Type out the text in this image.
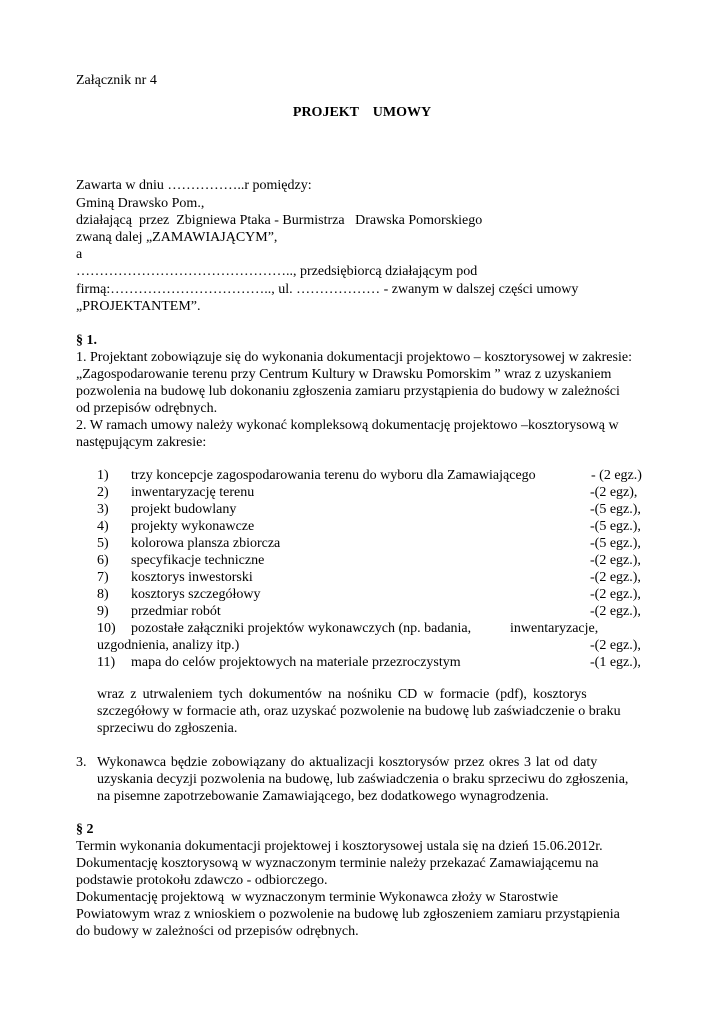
Załącznik nr 4
PROJEKT    UMOWY
Zawarta w dniu ……………..r pomiędzy:
Gminą Drawsko Pom.,
działającą  przez  Zbigniewa Ptaka - Burmistrza   Drawska Pomorskiego
zwaną dalej „ZAMAWIAJĄCYM”,
a
……………………………………….., przedsiębiorcą działającym pod
firmą:…………………………….., ul. ……………… - zwanym w dalszej części umowy
„PROJEKTANTEM”.
§ 1.
1. Projektant zobowiązuje się do wykonania dokumentacji projektowo – kosztorysowej w zakresie:
„Zagospodarowanie terenu przy Centrum Kultury w Drawsku Pomorskim ” wraz z uzyskaniem
pozwolenia na budowę lub dokonaniu zgłoszenia zamiaru przystąpienia do budowy w zależności
od przepisów odrębnych.
2. W ramach umowy należy wykonać kompleksową dokumentację projektowo –kosztorysową w
następującym zakresie:
1) trzy koncepcje zagospodarowania terenu do wyboru dla Zamawiającego	- (2 egz.)
2) inwentaryzację terenu	-(2 egz),
3) projekt budowlany	-(5 egz.),
4) projekty wykonawcze	-(5 egz.),
5) kolorowa plansza zbiorcza	-(5 egz.),
6) specyfikacje techniczne	-(2 egz.),
7) kosztorys inwestorski	-(2 egz.),
8) kosztorys szczegółowy	-(2 egz.),
9) przedmiar robót	-(2 egz.),
10) pozostałe załączniki projektów wykonawczych (np. badania,	inwentaryzacje,
uzgodnienia, analizy itp.)	-(2 egz.),
11) mapa do celów projektowych na materiale przezroczystym	-(1 egz.),
wraz z utrwaleniem tych dokumentów na nośniku CD w formacie (pdf), kosztorys
szczegółowy w formacie ath, oraz uzyskać pozwolenie na budowę lub zaświadczenie o braku
sprzeciwu do zgłoszenia.
3. Wykonawca będzie zobowiązany do aktualizacji kosztorysów przez okres 3 lat od daty
uzyskania decyzji pozwolenia na budowę, lub zaświadczenia o braku sprzeciwu do zgłoszenia,
na pisemne zapotrzebowanie Zamawiającego, bez dodatkowego wynagrodzenia.
§ 2
Termin wykonania dokumentacji projektowej i kosztorysowej ustala się na dzień 15.06.2012r.
Dokumentację kosztorysową w wyznaczonym terminie należy przekazać Zamawiającemu na
podstawie protokołu zdawczo - odbiorczego.
Dokumentację projektową  w wyznaczonym terminie Wykonawca złoży w Starostwie
Powiatowym wraz z wnioskiem o pozwolenie na budowę lub zgłoszeniem zamiaru przystąpienia
do budowy w zależności od przepisów odrębnych.
